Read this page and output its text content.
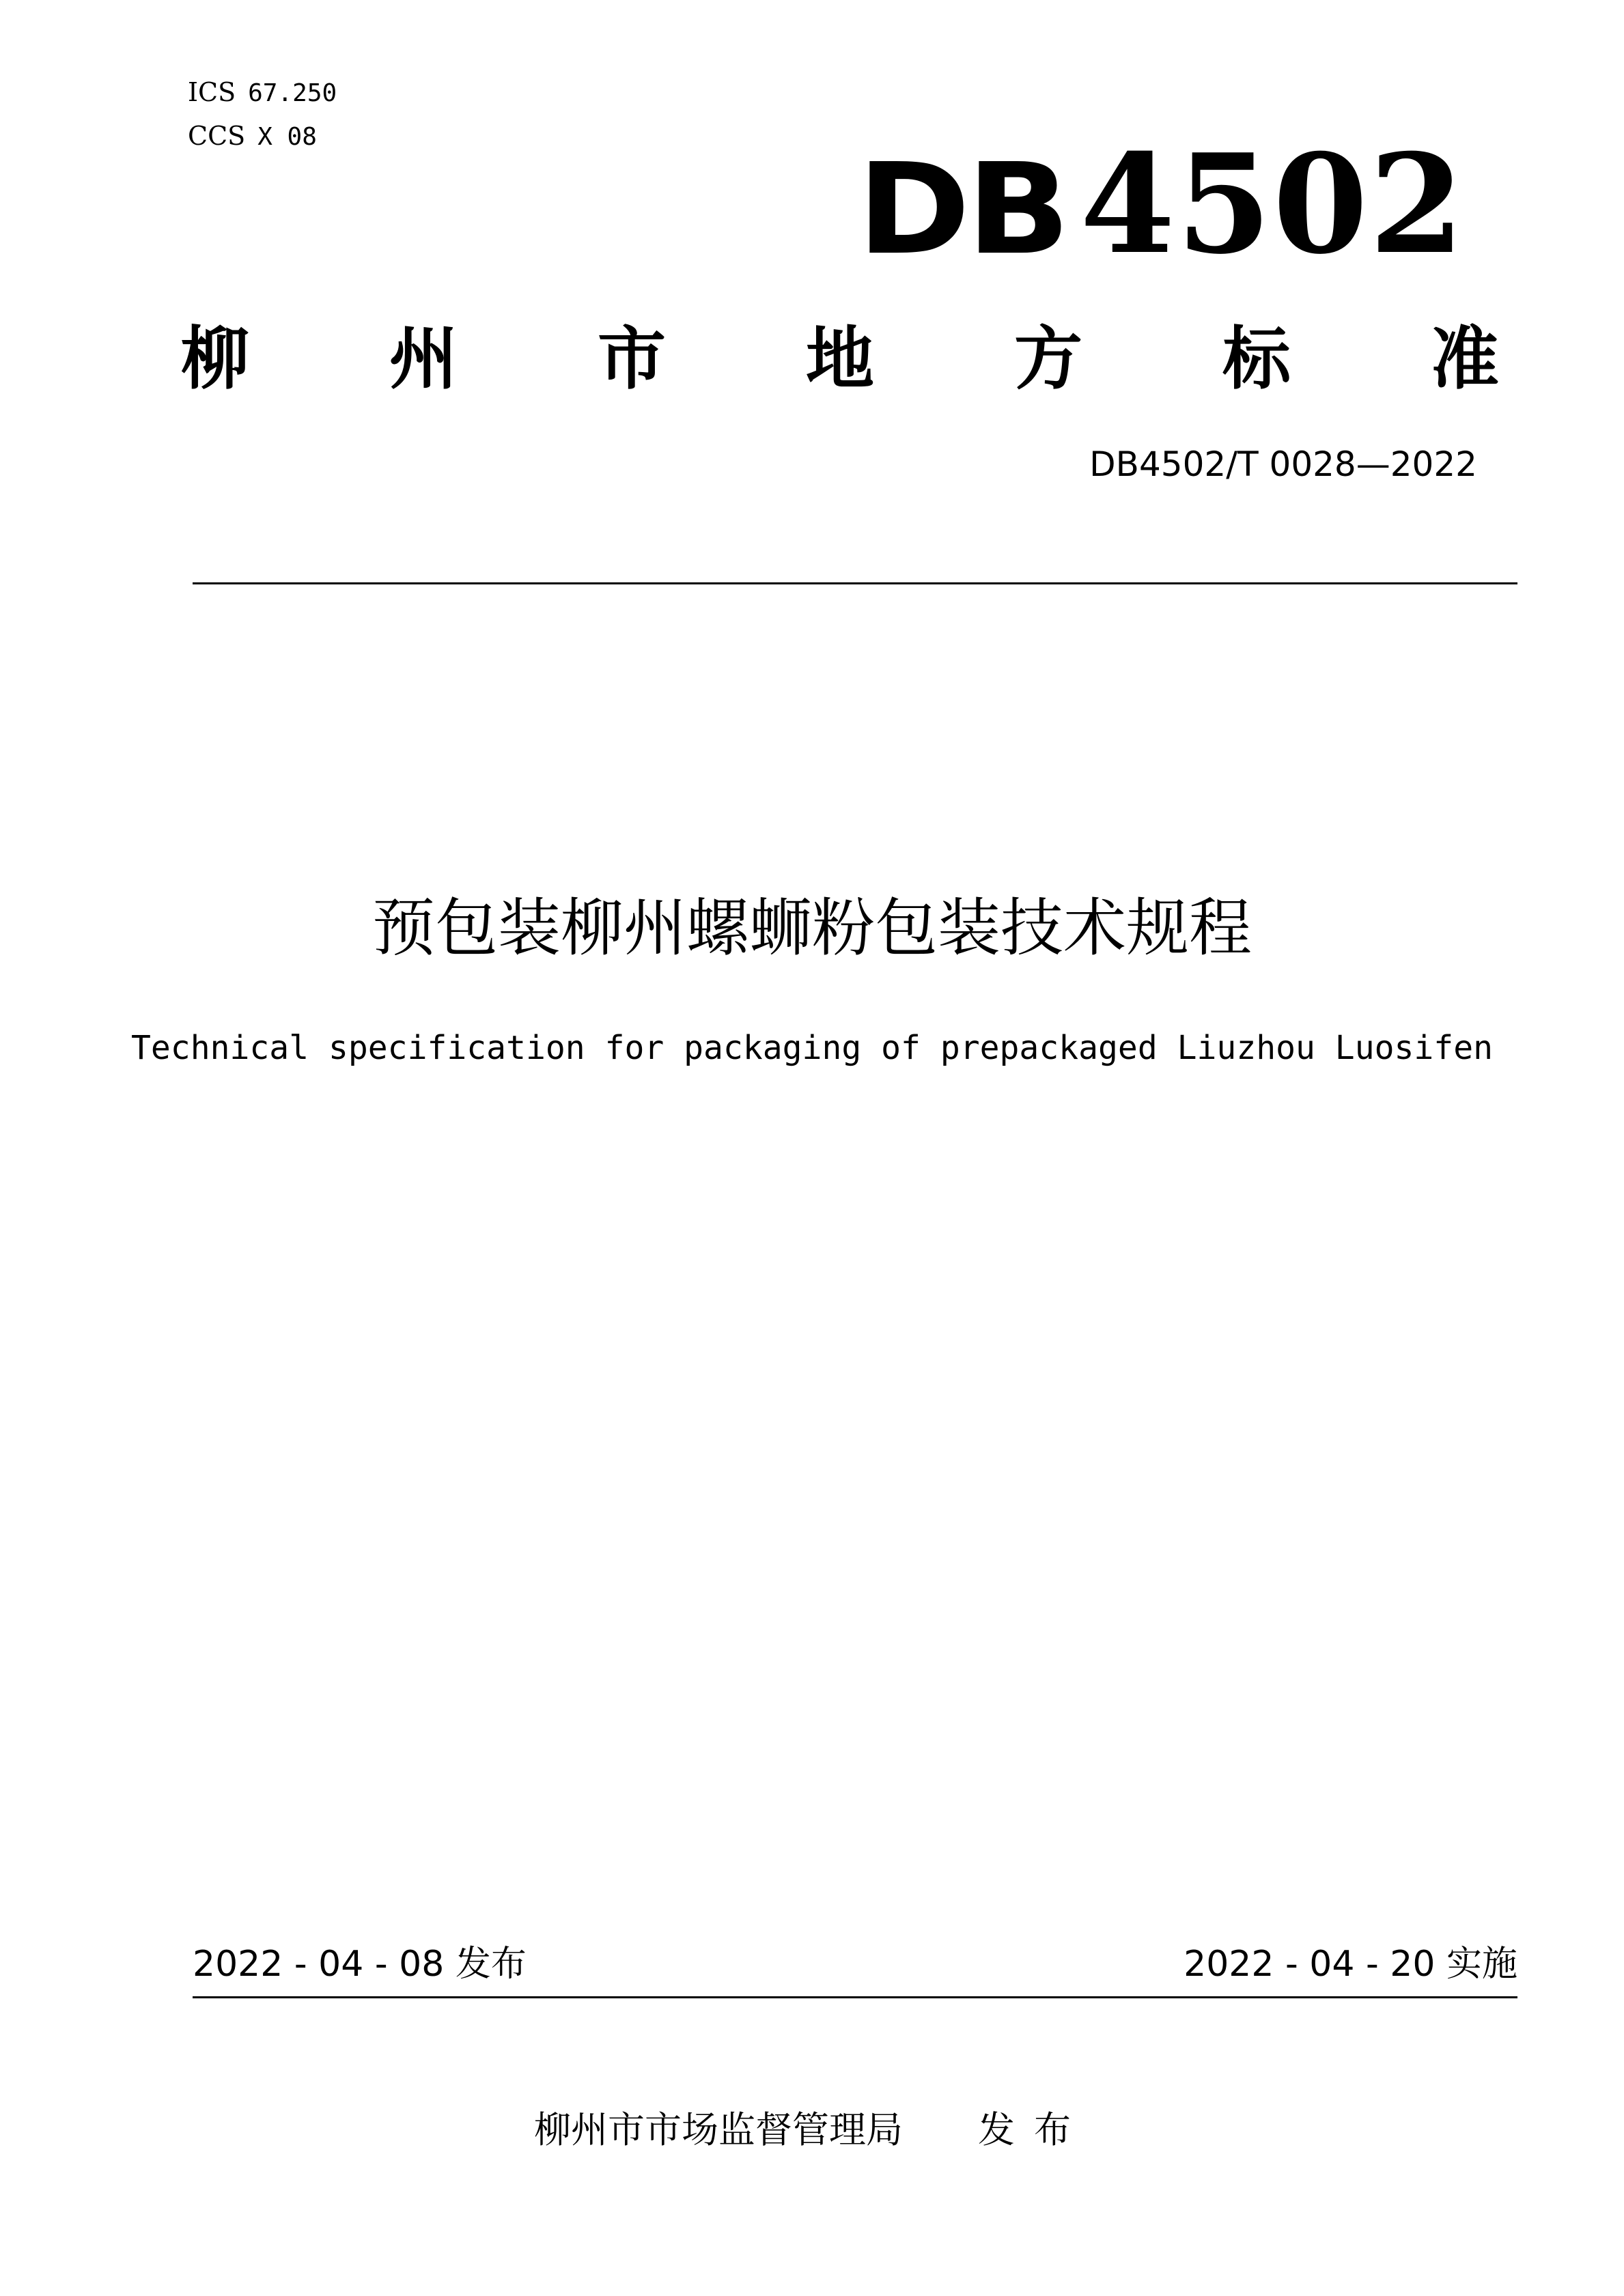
ICS 67.250
CCS X 08	DB 4502
柳 州 市 地 方 标 准
DB4502/T 0028—2022
预包装柳州螺蛳粉包装技术规程
Technical specification for packaging of prepackaged Liuzhou Luosifen
2022 - 04 - 08 发布	2022 - 04 - 20 实施
柳州市市场监督管理局 发布
